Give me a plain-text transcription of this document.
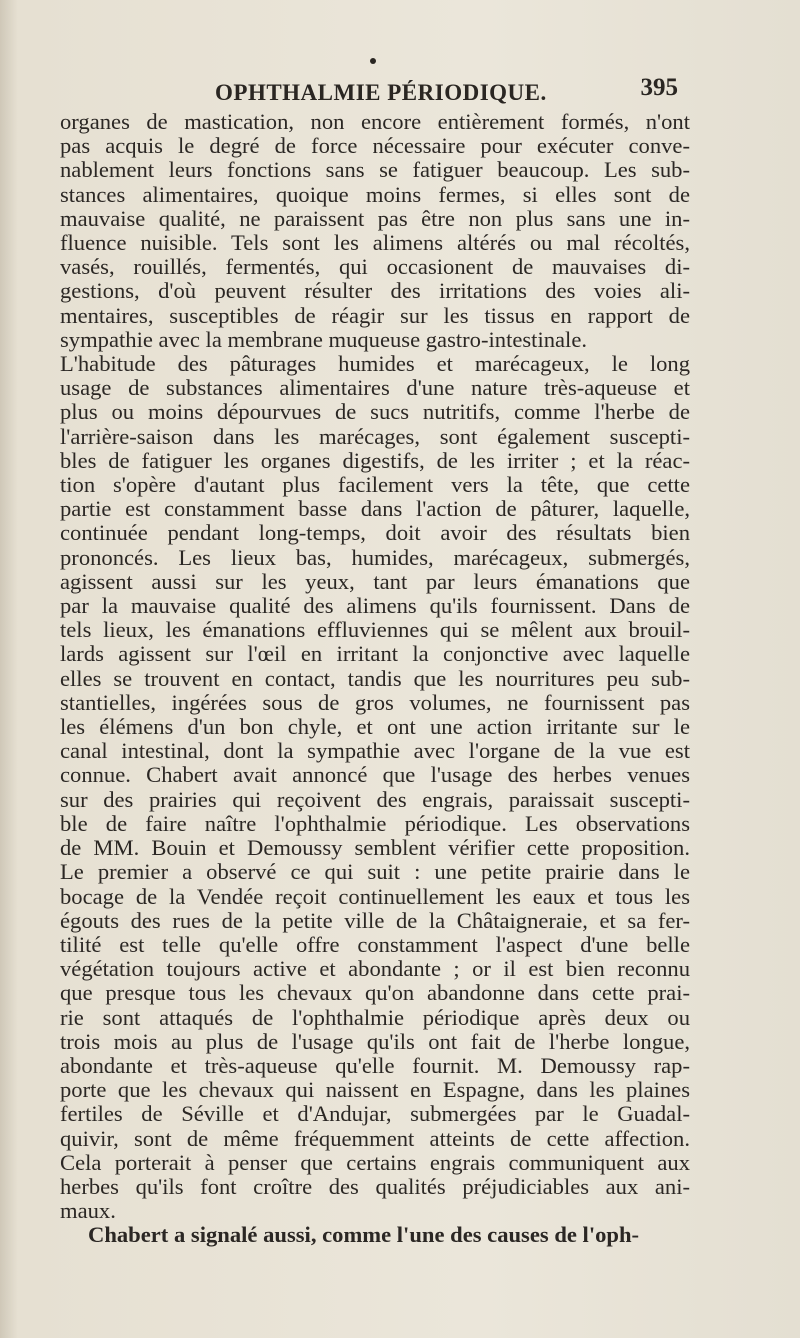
OPHTHALMIE PÉRIODIQUE.	395
organes de mastication, non encore entièrement formés, n'ont
pas acquis le degré de force nécessaire pour exécuter conve-
nablement leurs fonctions sans se fatiguer beaucoup. Les sub-
stances alimentaires, quoique moins fermes, si elles sont de
mauvaise qualité, ne paraissent pas être non plus sans une in-
fluence nuisible. Tels sont les alimens altérés ou mal récoltés,
vasés, rouillés, fermentés, qui occasionent de mauvaises di-
gestions, d'où peuvent résulter des irritations des voies ali-
mentaires, susceptibles de réagir sur les tissus en rapport de
sympathie avec la membrane muqueuse gastro-intestinale.
L'habitude des pâturages humides et marécageux, le long
usage de substances alimentaires d'une nature très-aqueuse et
plus ou moins dépourvues de sucs nutritifs, comme l'herbe de
l'arrière-saison dans les marécages, sont également suscepti-
bles de fatiguer les organes digestifs, de les irriter ; et la réac-
tion s'opère d'autant plus facilement vers la tête, que cette
partie est constamment basse dans l'action de pâturer, laquelle,
continuée pendant long-temps, doit avoir des résultats bien
prononcés. Les lieux bas, humides, marécageux, submergés,
agissent aussi sur les yeux, tant par leurs émanations que
par la mauvaise qualité des alimens qu'ils fournissent. Dans de
tels lieux, les émanations effluviennes qui se mêlent aux brouil-
lards agissent sur l'œil en irritant la conjonctive avec laquelle
elles se trouvent en contact, tandis que les nourritures peu sub-
stantielles, ingérées sous de gros volumes, ne fournissent pas
les élémens d'un bon chyle, et ont une action irritante sur le
canal intestinal, dont la sympathie avec l'organe de la vue est
connue. Chabert avait annoncé que l'usage des herbes venues
sur des prairies qui reçoivent des engrais, paraissait suscepti-
ble de faire naître l'ophthalmie périodique. Les observations
de MM. Bouin et Demoussy semblent vérifier cette proposition.
Le premier a observé ce qui suit : une petite prairie dans le
bocage de la Vendée reçoit continuellement les eaux et tous les
égouts des rues de la petite ville de la Châtaigneraie, et sa fer-
tilité est telle qu'elle offre constamment l'aspect d'une belle
végétation toujours active et abondante ; or il est bien reconnu
que presque tous les chevaux qu'on abandonne dans cette prai-
rie sont attaqués de l'ophthalmie périodique après deux ou
trois mois au plus de l'usage qu'ils ont fait de l'herbe longue,
abondante et très-aqueuse qu'elle fournit. M. Demoussy rap-
porte que les chevaux qui naissent en Espagne, dans les plaines
fertiles de Séville et d'Andujar, submergées par le Guadal-
quivir, sont de même fréquemment atteints de cette affection.
Cela porterait à penser que certains engrais communiquent aux
herbes qu'ils font croître des qualités préjudiciables aux ani-
maux.
Chabert a signalé aussi, comme l'une des causes de l'oph-
